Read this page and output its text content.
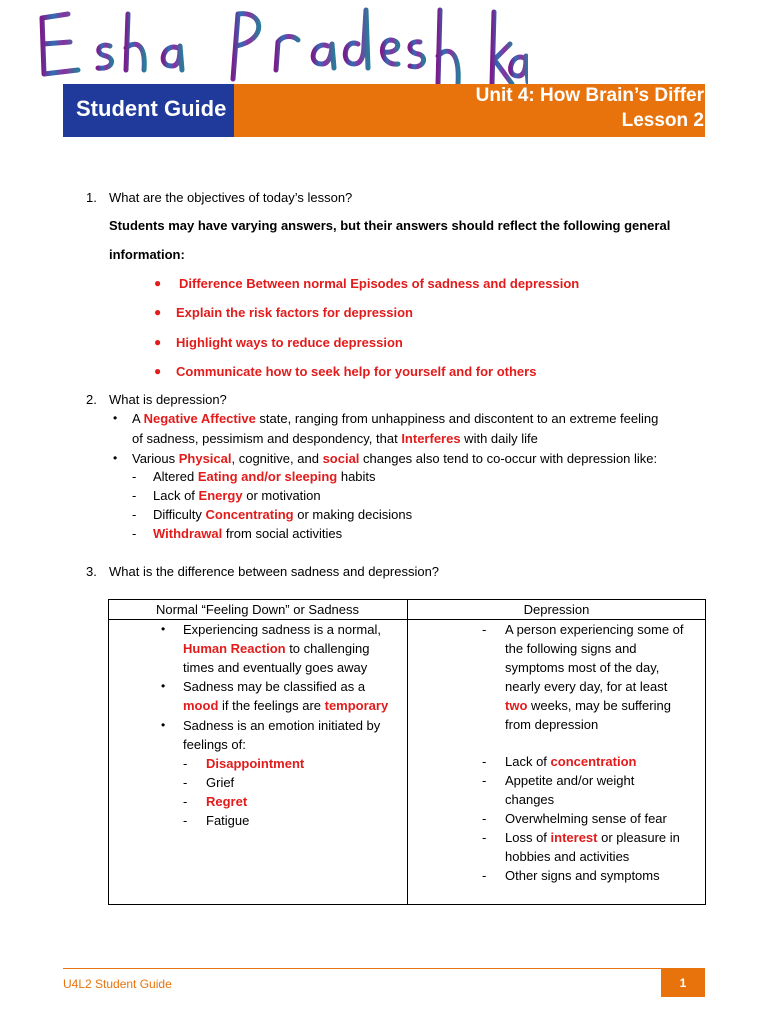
Student Guide
Unit 4: How Brain’s Differ
Lesson 2
1. What are the objectives of today’s lesson?
Students may have varying answers, but their answers should reflect the following general
information:
● Difference Between normal Episodes of sadness and depression
● Explain the risk factors for depression
● Highlight ways to reduce depression
● Communicate how to seek help for yourself and for others
2. What is depression?
• A Negative Affective state, ranging from unhappiness and discontent to an extreme feeling
of sadness, pessimism and despondency, that Interferes with daily life
• Various Physical, cognitive, and social changes also tend to co-occur with depression like:
- Altered Eating and/or sleeping habits
- Lack of Energy or motivation
- Difficulty Concentrating or making decisions
- Withdrawal from social activities
3. What is the difference between sadness and depression?
Normal “Feeling Down” or Sadness	Depression
• Experiencing sadness is a normal,
Human Reaction to challenging
times and eventually goes away
• Sadness may be classified as a
mood if the feelings are temporary
• Sadness is an emotion initiated by
feelings of:
- Disappointment
- Grief
- Regret
- Fatigue
- A person experiencing some of
the following signs and
symptoms most of the day,
nearly every day, for at least
two weeks, may be suffering
from depression
- Lack of concentration
- Appetite and/or weight
changes
- Overwhelming sense of fear
- Loss of interest or pleasure in
hobbies and activities
- Other signs and symptoms
U4L2 Student Guide	1
